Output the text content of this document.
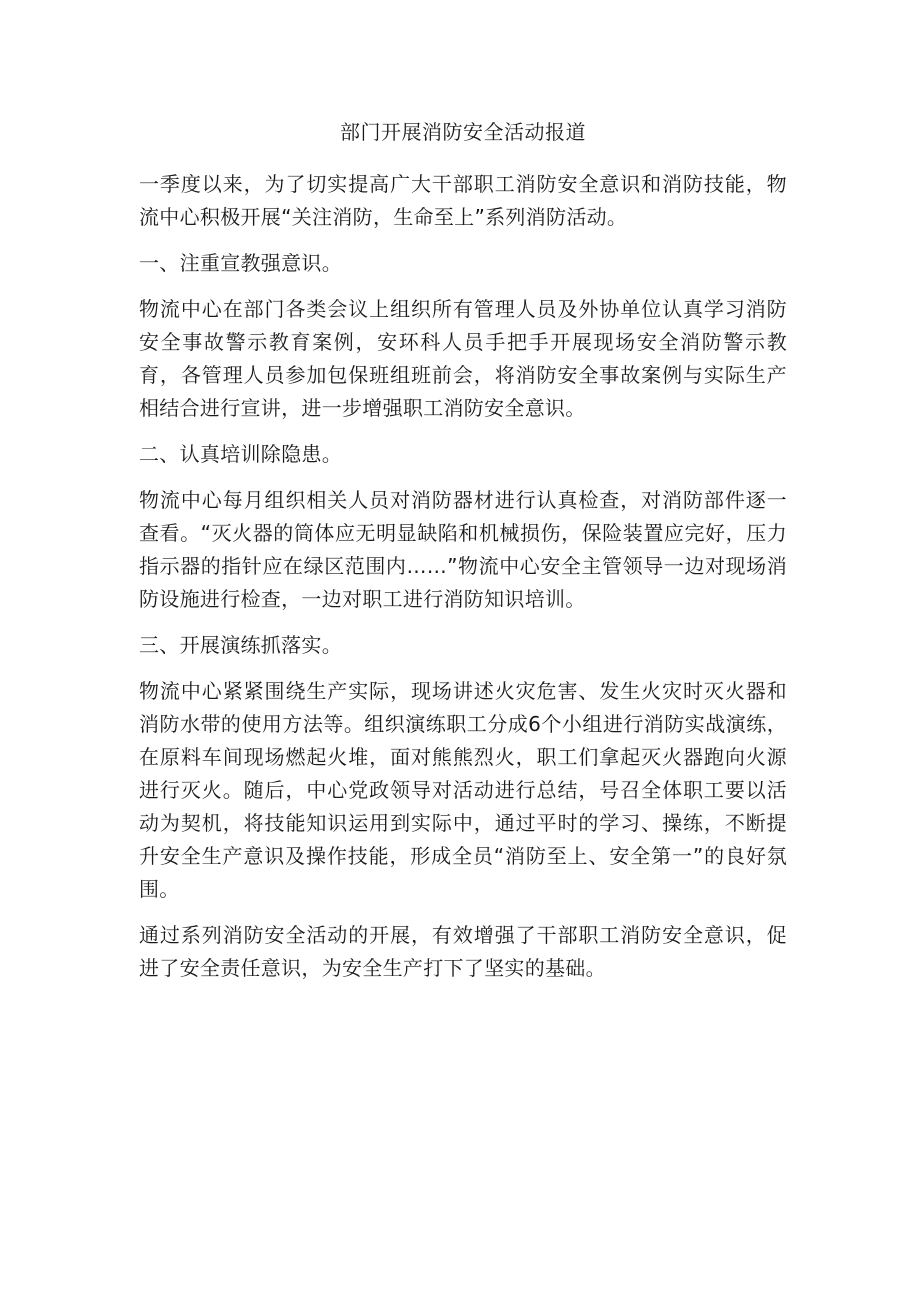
部门开展消防安全活动报道

一季度以来，为了切实提高广大干部职工消防安全意识和消防技能，物流中心积极开展“关注消防，生命至上”系列消防活动。

一、注重宣教强意识。

物流中心在部门各类会议上组织所有管理人员及外协单位认真学习消防安全事故警示教育案例，安环科人员手把手开展现场安全消防警示教育，各管理人员参加包保班组班前会，将消防安全事故案例与实际生产相结合进行宣讲，进一步增强职工消防安全意识。

二、认真培训除隐患。

物流中心每月组织相关人员对消防器材进行认真检查，对消防部件逐一查看。“灭火器的筒体应无明显缺陷和机械损伤，保险装置应完好，压力指示器的指针应在绿区范围内……”物流中心安全主管领导一边对现场消防设施进行检查，一边对职工进行消防知识培训。

三、开展演练抓落实。

物流中心紧紧围绕生产实际，现场讲述火灾危害、发生火灾时灭火器和消防水带的使用方法等。组织演练职工分成6个小组进行消防实战演练，在原料车间现场燃起火堆，面对熊熊烈火，职工们拿起灭火器跑向火源进行灭火。随后，中心党政领导对活动进行总结，号召全体职工要以活动为契机，将技能知识运用到实际中，通过平时的学习、操练，不断提升安全生产意识及操作技能，形成全员“消防至上、安全第一”的良好氛围。

通过系列消防安全活动的开展，有效增强了干部职工消防安全意识，促进了安全责任意识，为安全生产打下了坚实的基础。
